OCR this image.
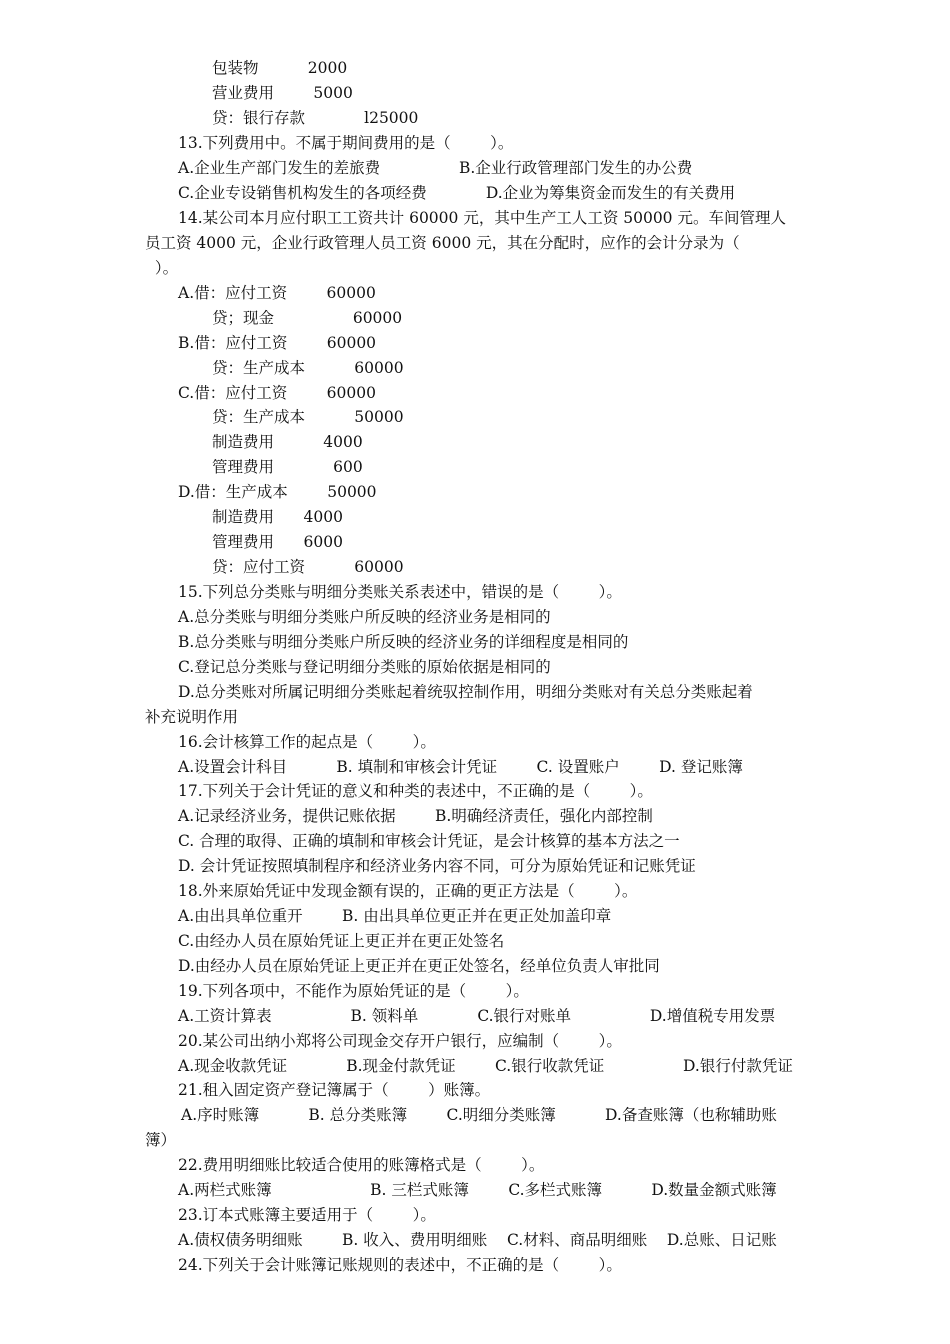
包装物          2000
营业费用        5000
贷：银行存款            l25000
13.下列费用中。不属于期间费用的是（        ）。
A.企业生产部门发生的差旅费                B.企业行政管理部门发生的办公费
C.企业专设销售机构发生的各项经费            D.企业为筹集资金而发生的有关费用
14.某公司本月应付职工工资共计 60000 元，其中生产工人工资 50000 元。车间管理人
员工资 4000 元，企业行政管理人员工资 6000 元，其在分配时，应作的会计分录为（
）。
A.借：应付工资        60000
贷；现金                60000
B.借：应付工资        60000
贷：生产成本          60000
C.借：应付工资        60000
贷：生产成本          50000
制造费用          4000
管理费用            600
D.借：生产成本        50000
制造费用      4000
管理费用      6000
贷：应付工资          60000
15.下列总分类账与明细分类账关系表述中，错误的是（        ）。
A.总分类账与明细分类账户所反映的经济业务是相同的
B.总分类账与明细分类账户所反映的经济业务的详细程度是相同的
C.登记总分类账与登记明细分类账的原始依据是相同的
D.总分类账对所属记明细分类账起着统驭控制作用，明细分类账对有关总分类账起着
补充说明作用
16.会计核算工作的起点是（        ）。
A.设置会计科目          B. 填制和审核会计凭证        C. 设置账户        D. 登记账簿
17.下列关于会计凭证的意义和种类的表述中，不正确的是（        ）。
A.记录经济业务，提供记账依据        B.明确经济责任，强化内部控制
C. 合理的取得、正确的填制和审核会计凭证，是会计核算的基本方法之一
D. 会计凭证按照填制程序和经济业务内容不同，可分为原始凭证和记账凭证
18.外来原始凭证中发现金额有误的，正确的更正方法是（        ）。
A.由出具单位重开        B. 由出具单位更正并在更正处加盖印章
C.由经办人员在原始凭证上更正并在更正处签名
D.由经办人员在原始凭证上更正并在更正处签名，经单位负责人审批同
19.下列各项中，不能作为原始凭证的是（        ）。
A.工资计算表                B. 领料单            C.银行对账单                D.增值税专用发票
20.某公司出纳小郑将公司现金交存开户银行，应编制（        ）。
A.现金收款凭证            B.现金付款凭证        C.银行收款凭证                D.银行付款凭证
21.租入固定资产登记簿属于（        ）账簿。
A.序时账簿          B. 总分类账簿        C.明细分类账簿          D.备查账簿（也称辅助账
簿）
22.费用明细账比较适合使用的账簿格式是（        ）。
A.两栏式账簿                    B. 三栏式账簿        C.多栏式账簿          D.数量金额式账簿
23.订本式账簿主要适用于（        ）。
A.债权债务明细账        B. 收入、费用明细账    C.材料、商品明细账    D.总账、日记账
24.下列关于会计账簿记账规则的表述中，不正确的是（        ）。
